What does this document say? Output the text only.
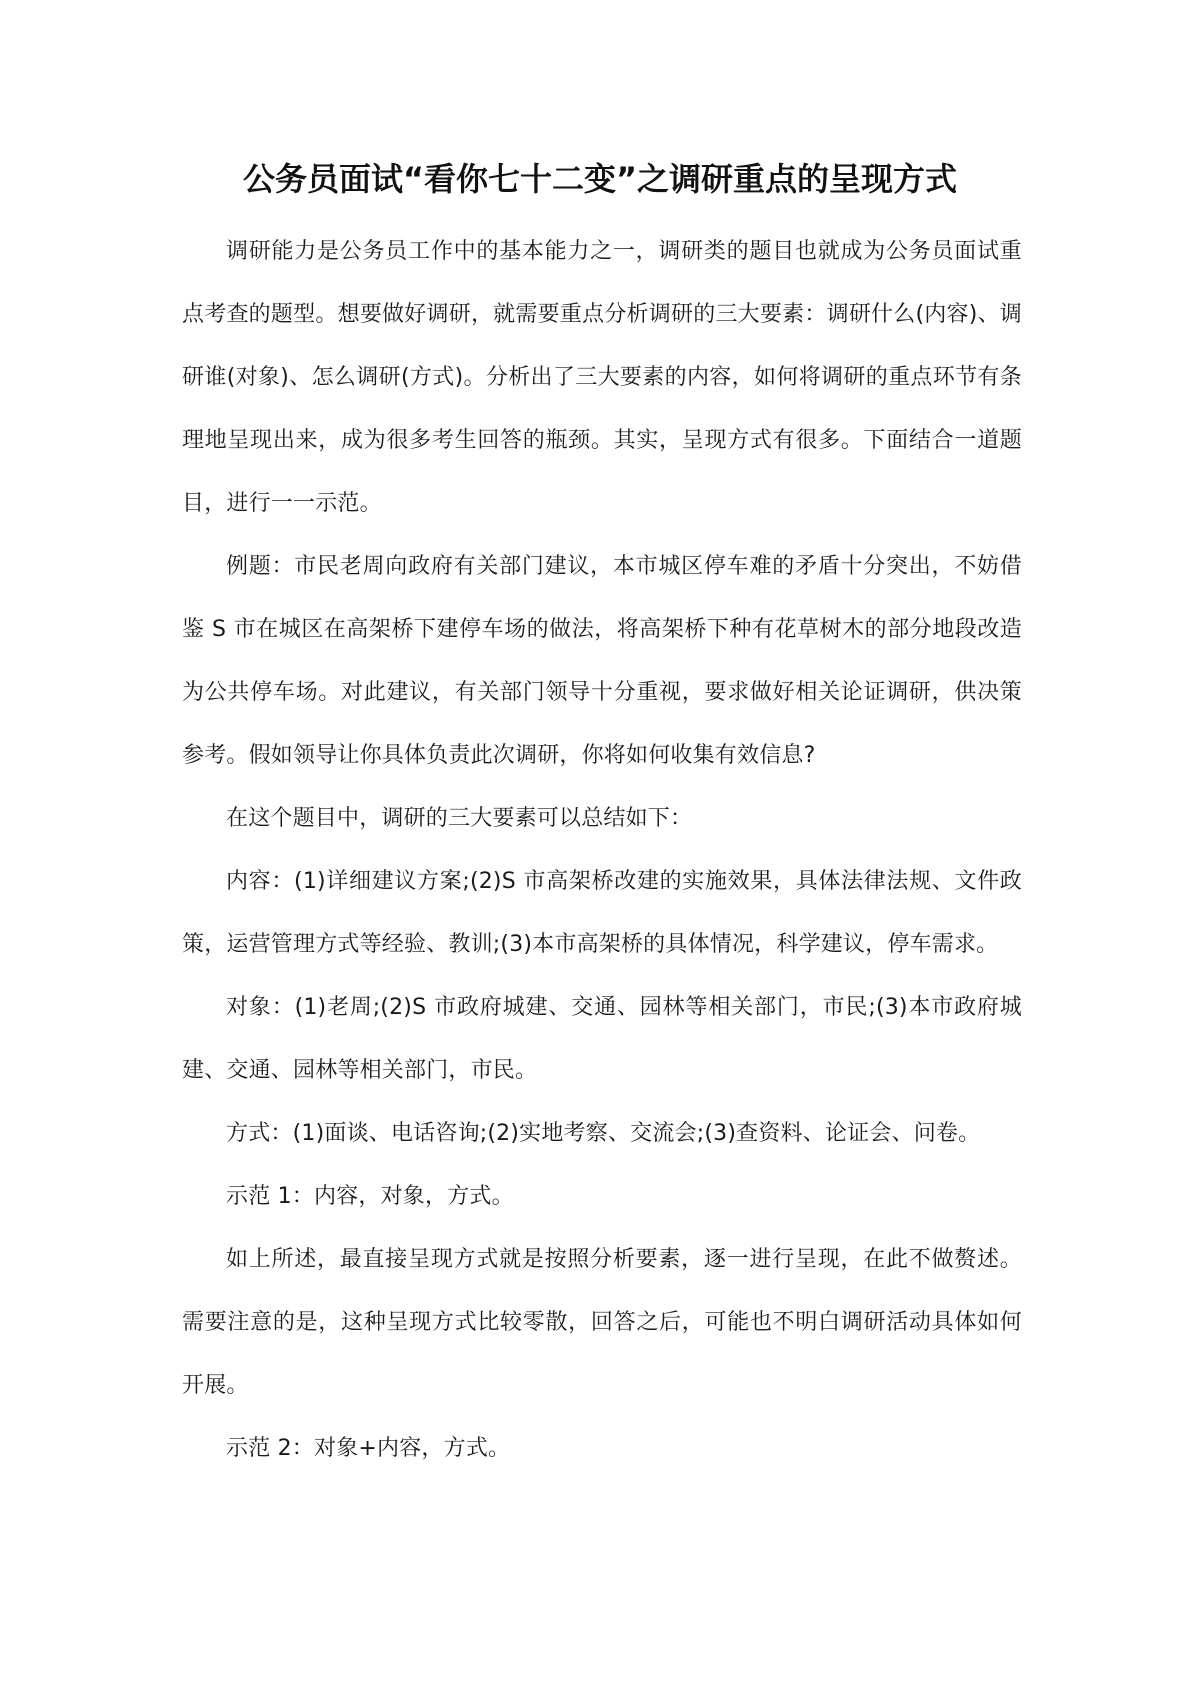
公务员面试“看你七十二变”之调研重点的呈现方式

调研能力是公务员工作中的基本能力之一，调研类的题目也就成为公务员面试重点考查的题型。想要做好调研，就需要重点分析调研的三大要素：调研什么(内容)、调研谁(对象)、怎么调研(方式)。分析出了三大要素的内容，如何将调研的重点环节有条理地呈现出来，成为很多考生回答的瓶颈。其实，呈现方式有很多。下面结合一道题目，进行一一示范。

例题：市民老周向政府有关部门建议，本市城区停车难的矛盾十分突出，不妨借鉴 S 市在城区在高架桥下建停车场的做法，将高架桥下种有花草树木的部分地段改造为公共停车场。对此建议，有关部门领导十分重视，要求做好相关论证调研，供决策参考。假如领导让你具体负责此次调研，你将如何收集有效信息?

在这个题目中，调研的三大要素可以总结如下：

内容：(1)详细建议方案;(2)S 市高架桥改建的实施效果，具体法律法规、文件政策，运营管理方式等经验、教训;(3)本市高架桥的具体情况，科学建议，停车需求。

对象：(1)老周;(2)S 市政府城建、交通、园林等相关部门，市民;(3)本市政府城建、交通、园林等相关部门，市民。

方式：(1)面谈、电话咨询;(2)实地考察、交流会;(3)查资料、论证会、问卷。

示范 1：内容，对象，方式。

如上所述，最直接呈现方式就是按照分析要素，逐一进行呈现，在此不做赘述。需要注意的是，这种呈现方式比较零散，回答之后，可能也不明白调研活动具体如何开展。

示范 2：对象+内容，方式。
